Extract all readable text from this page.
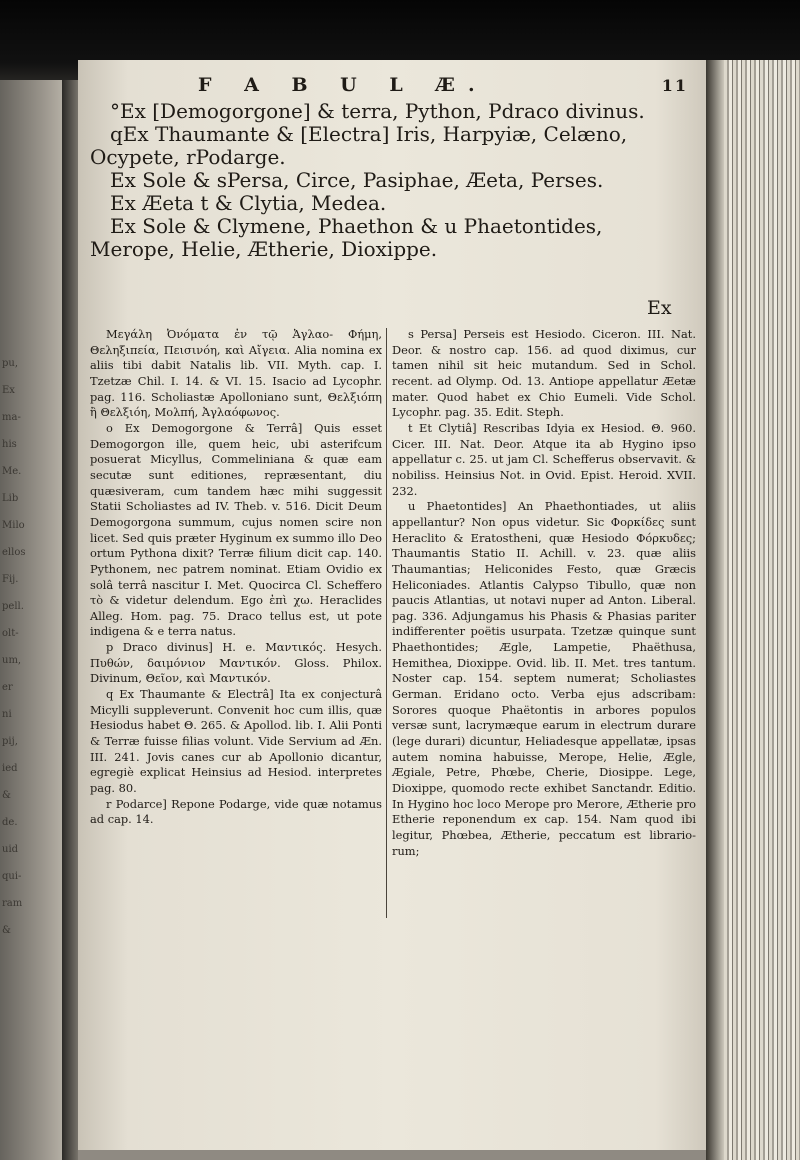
pu,
Ex
ma-
his
Me.
Lib
Milo
ellos
Fij.
pell.
olt-
um,
er
ni
pij,
ied
&
de.
uid
qui-
ram
&
F A B U L Æ.	11
°Ex [Demogorgone] & terra, Python, Pdraco divinus.
qEx Thaumante & [Electra] Iris, Harpyiæ, Celæno,
Ocypete, rPodarge.
Ex Sole & sPersa, Circe, Pasiphae, Æeta, Perses.
Ex Æeta t & Clytia, Medea.
Ex Sole & Clymene, Phaethon & u Phaetontides,
Merope, Helie, Ætherie, Dioxippe.
Ex

Μεγάλη Ὀνόματα ἐν τῷ Ἀγλαο- Φήμη, Θεληξιπεία, Πεισινόη, καὶ Αἴγεια. Alia nomina ex aliis tibi dabit Natalis lib. VII. Myth. cap. I. Tzetzæ Chil. I. 14. & VI. 15. Isacio ad Lycophr. pag. 116. Scholiastæ Apolloniano sunt, Θελξιόπη ἢ Θελξιόη, Μολπή, Ἀγλαόφωνος.

o Ex Demogorgone & Terrâ] Quis esset Demogorgon ille, quem heic, ubi asterifcum posuerat Micyllus, Commeliniana & quæ eam secutæ sunt editiones, repræsentant, diu quæsiveram, cum tandem hæc mihi suggessit Statii Scholiastes ad IV. Theb. v. 516. Dicit Deum Demogorgona summum, cujus nomen scire non licet. Sed quis præter Hyginum ex summo illo Deo ortum Pythona dixit? Terræ filium dicit cap. 140. Pythonem, nec patrem nominat. Etiam Ovidio ex solâ terrâ nascitur I. Met. Quocirca Cl. Scheffero τὸ & videtur delendum. Ego ἐπὶ χω. Heraclides Alleg. Hom. pag. 75. Draco tellus est, ut pote indigena & e terra natus.

p Draco divinus] H. e. Μαντικός. Hesych. Πυθών, δαιμόνιον Μαντικόν. Gloss. Philox. Divinum, Θεῖον, καὶ Μαντικόν.

q Ex Thaumante & Electrâ] Ita ex conjecturâ Micylli suppleverunt. Convenit hoc cum illis, quæ Hesiodus habet Θ. 265. & Apollod. lib. I. Alii Ponti & Terræ fuisse filias volunt. Vide Servium ad Æn. III. 241. Jovis canes cur ab Apollonio dicantur, egregiè explicat Heinsius ad Hesiod. interpretes pag. 80.

r Podarce] Repone Podarge, vide quæ notamus ad cap. 14.

s Persa] Perseis est Hesiodo. Ciceron. III. Nat. Deor. & nostro cap. 156. ad quod diximus, cur tamen nihil sit heic mutandum. Sed in Schol. recent. ad Olymp. Od. 13. Antiope appellatur Æetæ mater. Quod habet ex Chio Eumeli. Vide Schol. Lycophr. pag. 35. Edit. Steph.

t Et Clytiâ] Rescribas Idyia ex Hesiod. Θ. 960. Cicer. III. Nat. Deor. Atque ita ab Hygino ipso appellatur c. 25. ut jam Cl. Schefferus observavit. & nobiliss. Heinsius Not. in Ovid. Epist. Heroid. XVII. 232.

u Phaetontides] An Phaethontiades, ut aliis appellantur? Non opus videtur. Sic Φορκίδες sunt Heraclito & Eratostheni, quæ Hesiodo Φόρκυδες; Thaumantis Statio II. Achill. v. 23. quæ aliis Thaumantias; Heliconides Festo, quæ Græcis Heliconiades. Atlantis Calypso Tibullo, quæ non paucis Atlantias, ut notavi nuper ad Anton. Liberal. pag. 336. Adjungamus his Phasis & Phasias pariter indifferenter poëtis usurpata. Tzetzæ quinque sunt Phaethontides; Ægle, Lampetie, Phaëthusa, Hemithea, Dioxippe. Ovid. lib. II. Met. tres tantum. Noster cap. 154. septem numerat; Scholiastes German. Eridano octo. Verba ejus adscribam: Sorores quoque Phaëtontis in arbores populos versæ sunt, lacrymæque earum in electrum durare (lege durari) dicuntur, Heliadesque appellatæ, ipsas autem nomina habuisse, Merope, Helie, Ægle, Ægiale, Petre, Phœbe, Cherie, Diosippe. Lege, Dioxippe, quomodo recte exhibet Sanctandr. Editio. In Hygino hoc loco Merope pro Merore, Ætherie pro Etherie reponendum ex cap. 154. Nam quod ibi legitur, Phœbea, Ætherie, peccatum est librario- rum;
